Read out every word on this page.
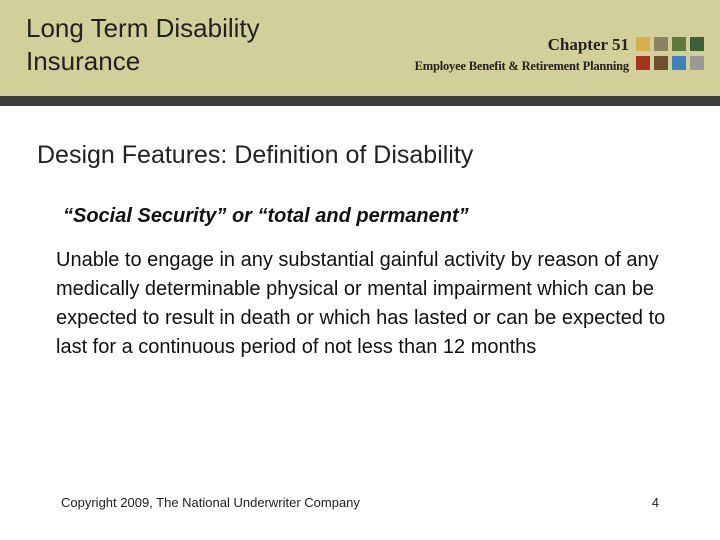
Long Term Disability Insurance
Chapter 51
Employee Benefit & Retirement Planning
Design Features: Definition of Disability
“Social Security” or “total and permanent”
Unable to engage in any substantial gainful activity by reason of any medically determinable physical or mental impairment which can be expected to result in death or which has lasted or can be expected to last for a continuous period of not less than 12 months
Copyright 2009, The National Underwriter Company	4
